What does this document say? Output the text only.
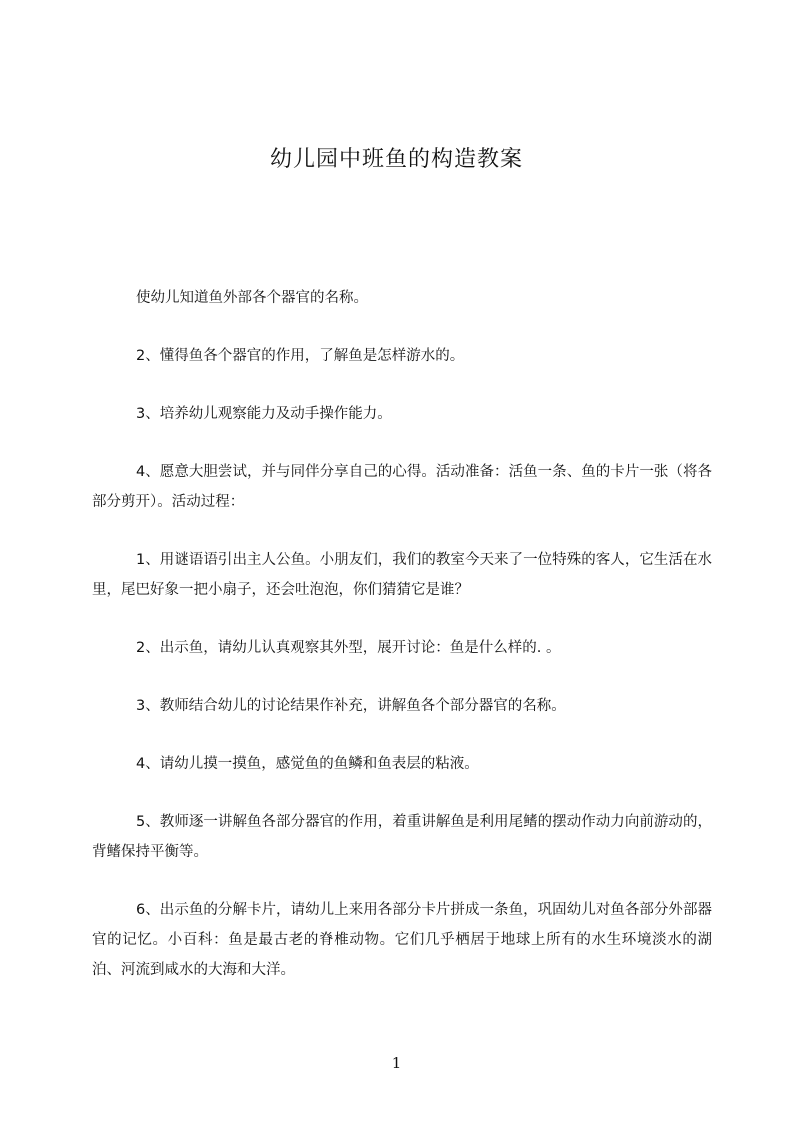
幼儿园中班鱼的构造教案

使幼儿知道鱼外部各个器官的名称。

2、懂得鱼各个器官的作用，了解鱼是怎样游水的。

3、培养幼儿观察能力及动手操作能力。

4、愿意大胆尝试，并与同伴分享自己的心得。活动准备：活鱼一条、鱼的卡片一张（将各部分剪开）。活动过程：

1、用谜语语引出主人公鱼。小朋友们，我们的教室今天来了一位特殊的客人，它生活在水里，尾巴好象一把小扇子，还会吐泡泡，你们猜猜它是谁？

2、出示鱼，请幼儿认真观察其外型，展开讨论：鱼是什么样的. 。

3、教师结合幼儿的讨论结果作补充，讲解鱼各个部分器官的名称。

4、请幼儿摸一摸鱼，感觉鱼的鱼鳞和鱼表层的粘液。

5、教师逐一讲解鱼各部分器官的作用，着重讲解鱼是利用尾鳍的摆动作动力向前游动的，背鳍保持平衡等。

6、出示鱼的分解卡片，请幼儿上来用各部分卡片拼成一条鱼，巩固幼儿对鱼各部分外部器官的记忆。小百科：鱼是最古老的脊椎动物。它们几乎栖居于地球上所有的水生环境淡水的湖泊、河流到咸水的大海和大洋。

1
